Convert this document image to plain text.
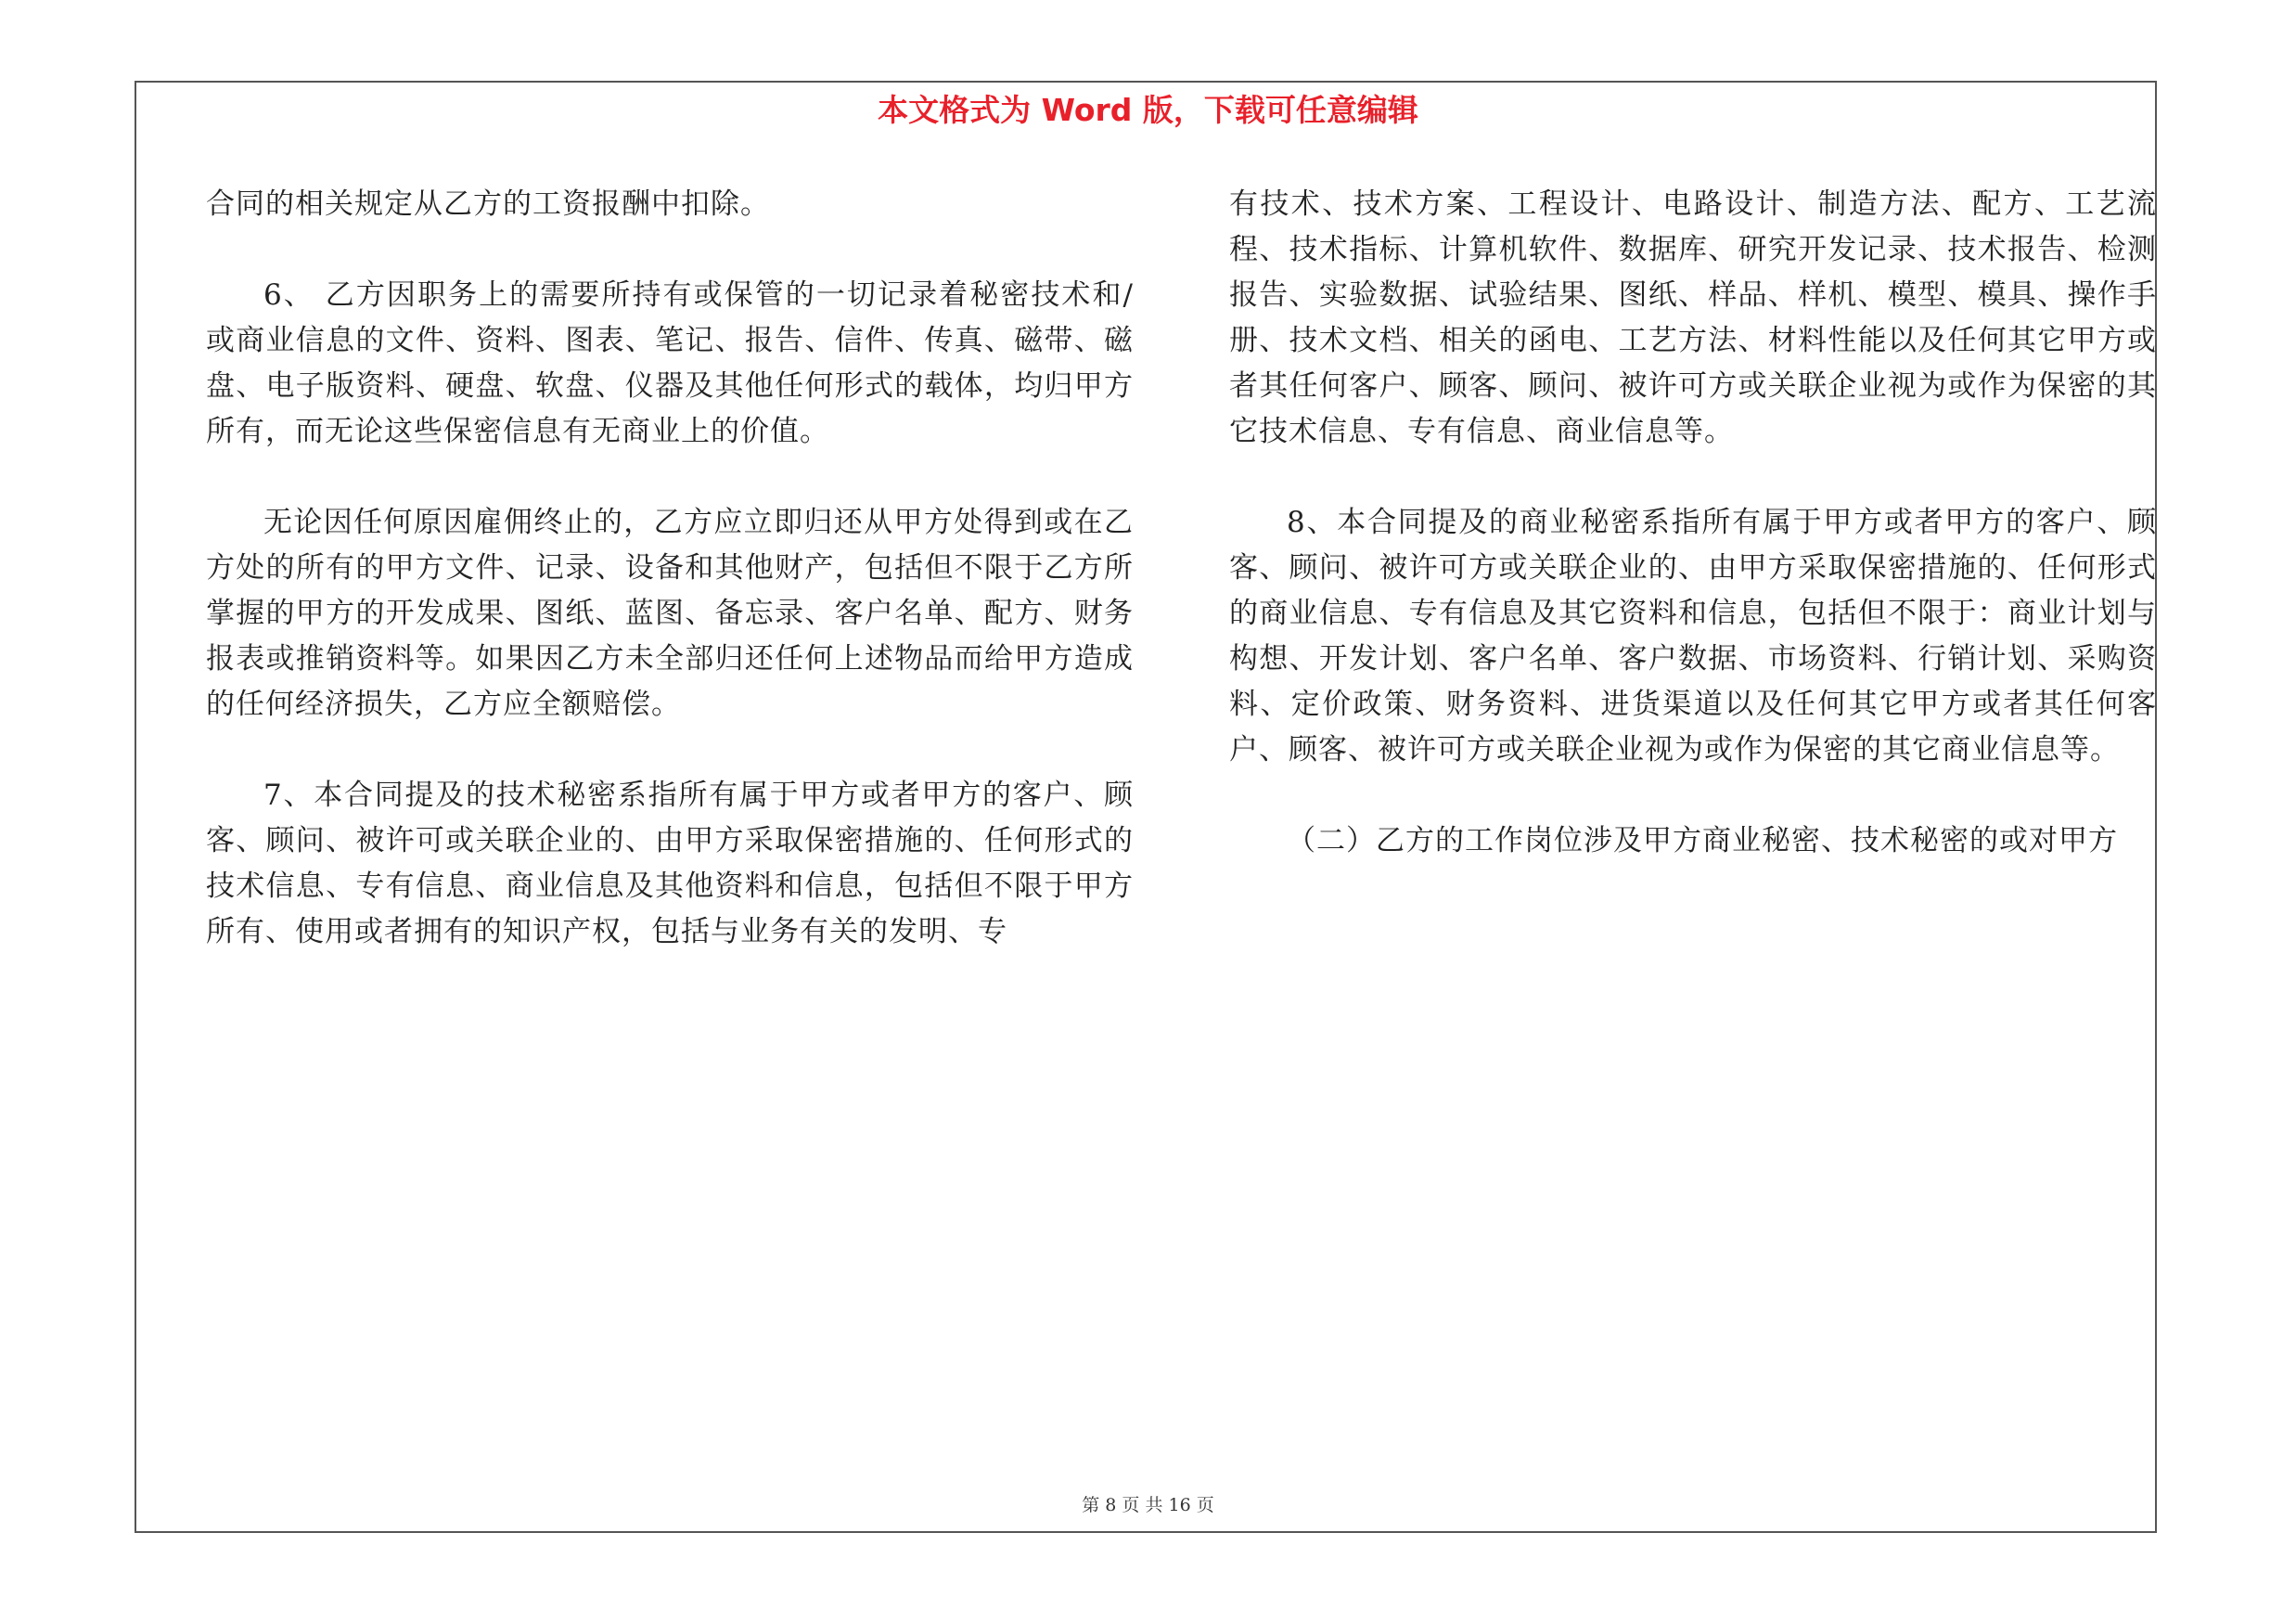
本文格式为 Word 版，下载可任意编辑

合同的相关规定从乙方的工资报酬中扣除。

6、 乙方因职务上的需要所持有或保管的一切记录着秘密技术和/或商业信息的文件、资料、图表、笔记、报告、信件、传真、磁带、磁盘、电子版资料、硬盘、软盘、仪器及其他任何形式的载体，均归甲方所有，而无论这些保密信息有无商业上的价值。

无论因任何原因雇佣终止的，乙方应立即归还从甲方处得到或在乙方处的所有的甲方文件、记录、设备和其他财产，包括但不限于乙方所掌握的甲方的开发成果、图纸、蓝图、备忘录、客户名单、配方、财务报表或推销资料等。如果因乙方未全部归还任何上述物品而给甲方造成的任何经济损失，乙方应全额赔偿。

7、本合同提及的技术秘密系指所有属于甲方或者甲方的客户、顾客、顾问、被许可或关联企业的、由甲方采取保密措施的、任何形式的技术信息、专有信息、商业信息及其他资料和信息，包括但不限于甲方所有、使用或者拥有的知识产权，包括与业务有关的发明、专

有技术、技术方案、工程设计、电路设计、制造方法、配方、工艺流程、技术指标、计算机软件、数据库、研究开发记录、技术报告、检测报告、实验数据、试验结果、图纸、样品、样机、模型、模具、操作手册、技术文档、相关的函电、工艺方法、材料性能以及任何其它甲方或者其任何客户、顾客、顾问、被许可方或关联企业视为或作为保密的其它技术信息、专有信息、商业信息等。

8、本合同提及的商业秘密系指所有属于甲方或者甲方的客户、顾客、顾问、被许可方或关联企业的、由甲方采取保密措施的、任何形式的商业信息、专有信息及其它资料和信息，包括但不限于：商业计划与构想、开发计划、客户名单、客户数据、市场资料、行销计划、采购资料、定价政策、财务资料、进货渠道以及任何其它甲方或者其任何客户、顾客、被许可方或关联企业视为或作为保密的其它商业信息等。

（二）乙方的工作岗位涉及甲方商业秘密、技术秘密的或对甲方

第 8 页 共 16 页
